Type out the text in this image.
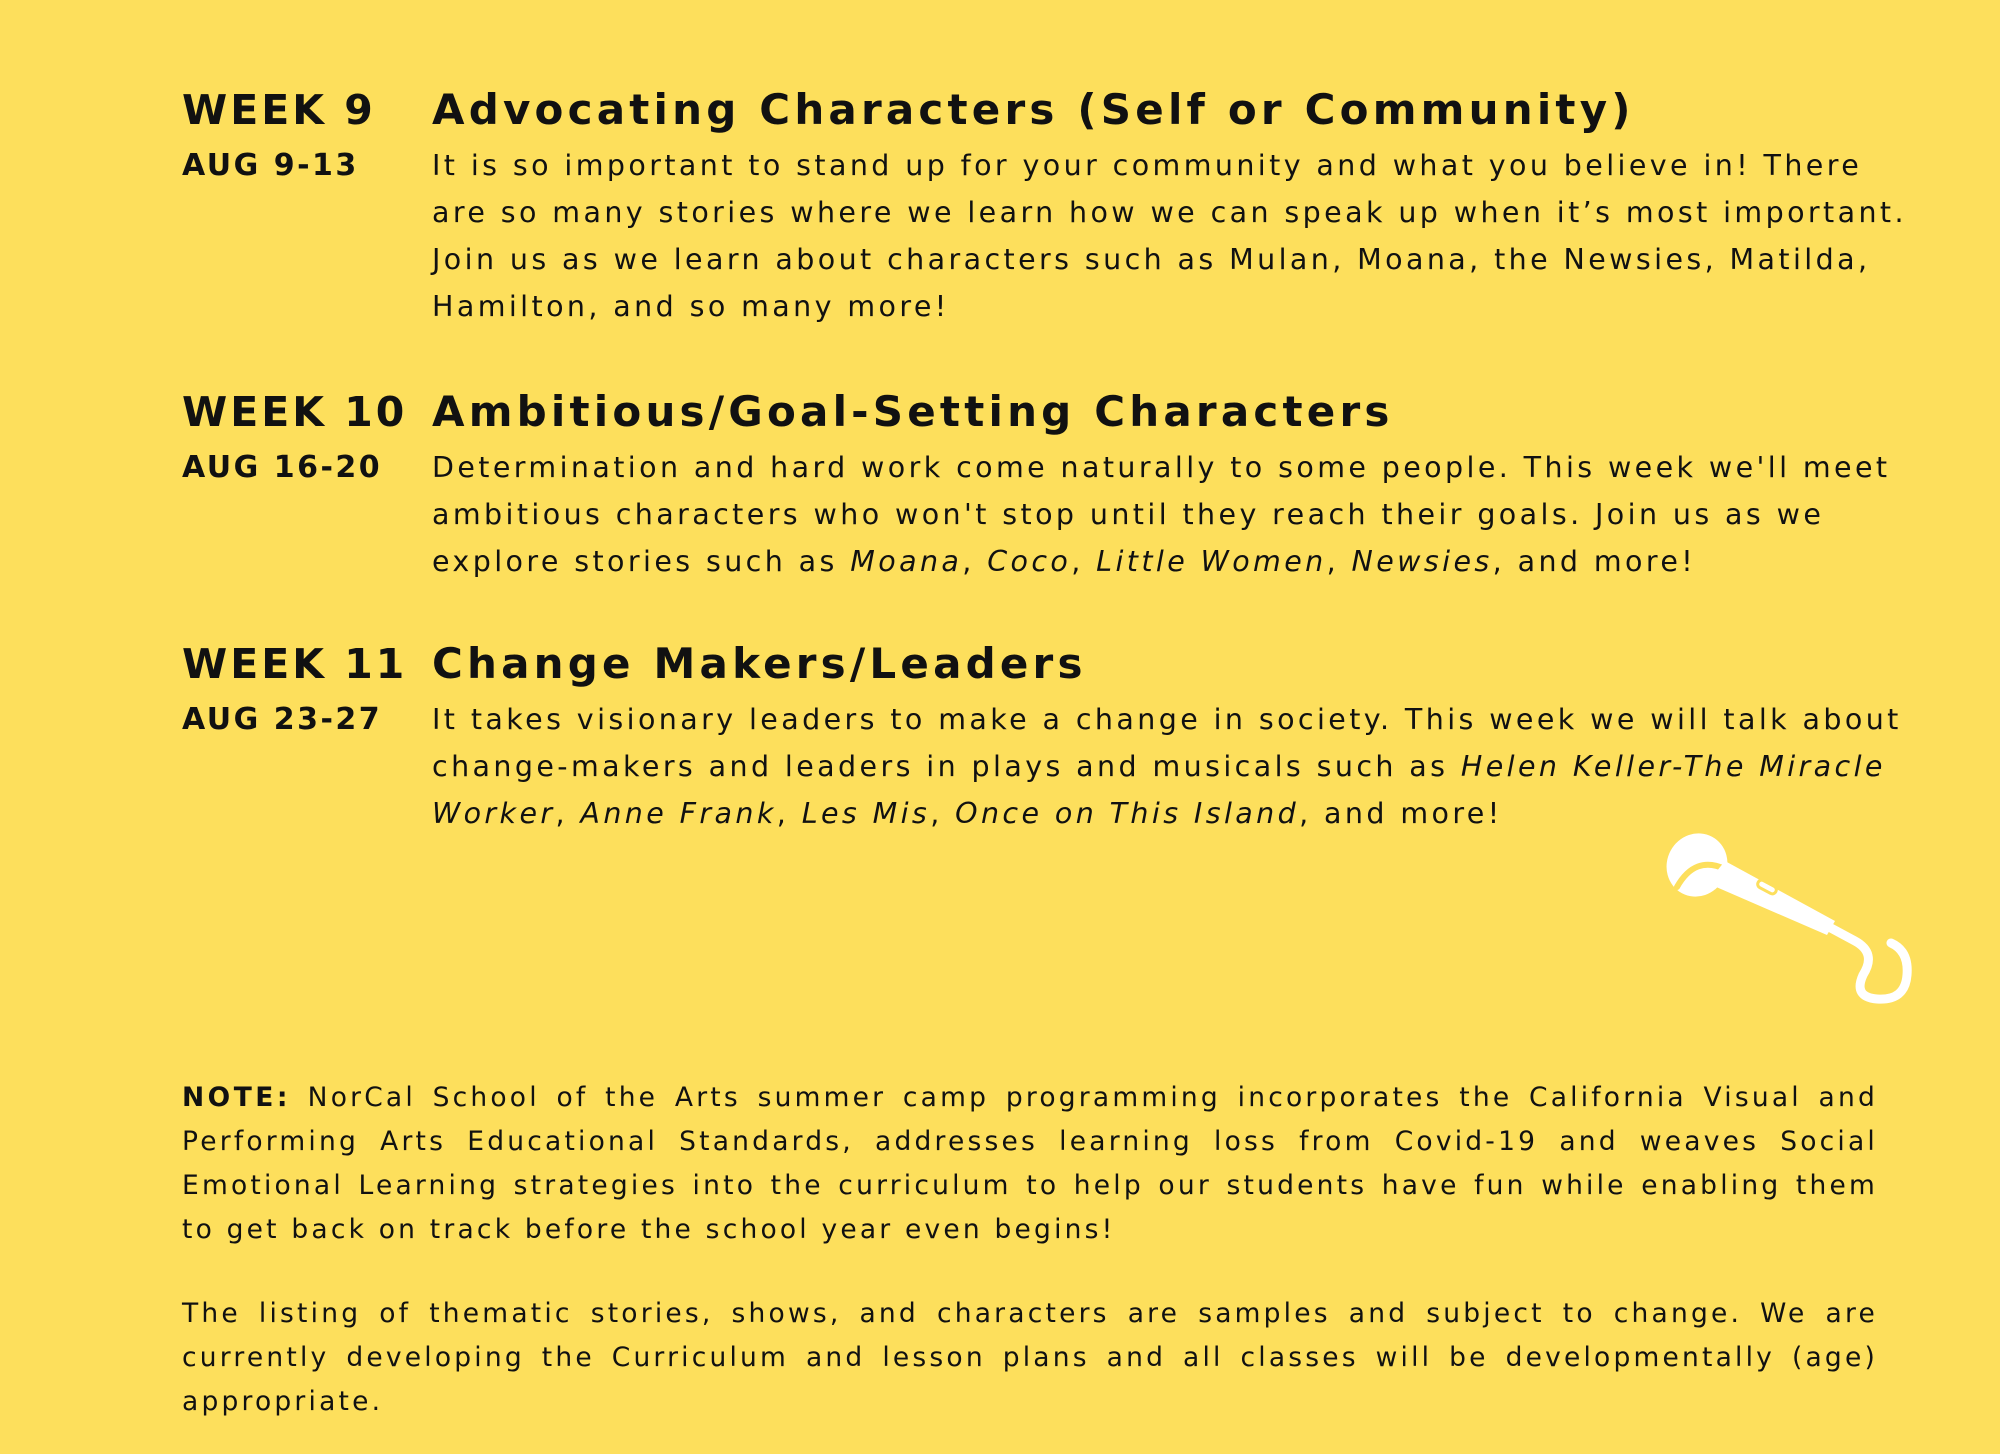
WEEK 9
AUG 9-13
Advocating Characters (Self or Community)
It is so important to stand up for your community and what you believe in! There are so many stories where we learn how we can speak up when it’s most important. Join us as we learn about characters such as Mulan, Moana, the Newsies, Matilda, Hamilton, and so many more!
WEEK 10
AUG 16-20
Ambitious/Goal-Setting Characters
Determination and hard work come naturally to some people. This week we'll meet ambitious characters who won't stop until they reach their goals. Join us as we explore stories such as Moana, Coco, Little Women, Newsies, and more!
WEEK 11
AUG 23-27
Change Makers/Leaders
It takes visionary leaders to make a change in society. This week we will talk about change-makers and leaders in plays and musicals such as Helen Keller-The Miracle Worker, Anne Frank, Les Mis, Once on This Island, and more!
NOTE: NorCal School of the Arts summer camp programming incorporates the California Visual and Performing Arts Educational Standards, addresses learning loss from Covid-19 and weaves Social Emotional Learning strategies into the curriculum to help our students have fun while enabling them to get back on track before the school year even begins!
The listing of thematic stories, shows, and characters are samples and subject to change. We are currently developing the Curriculum and lesson plans and all classes will be developmentally (age) appropriate.
